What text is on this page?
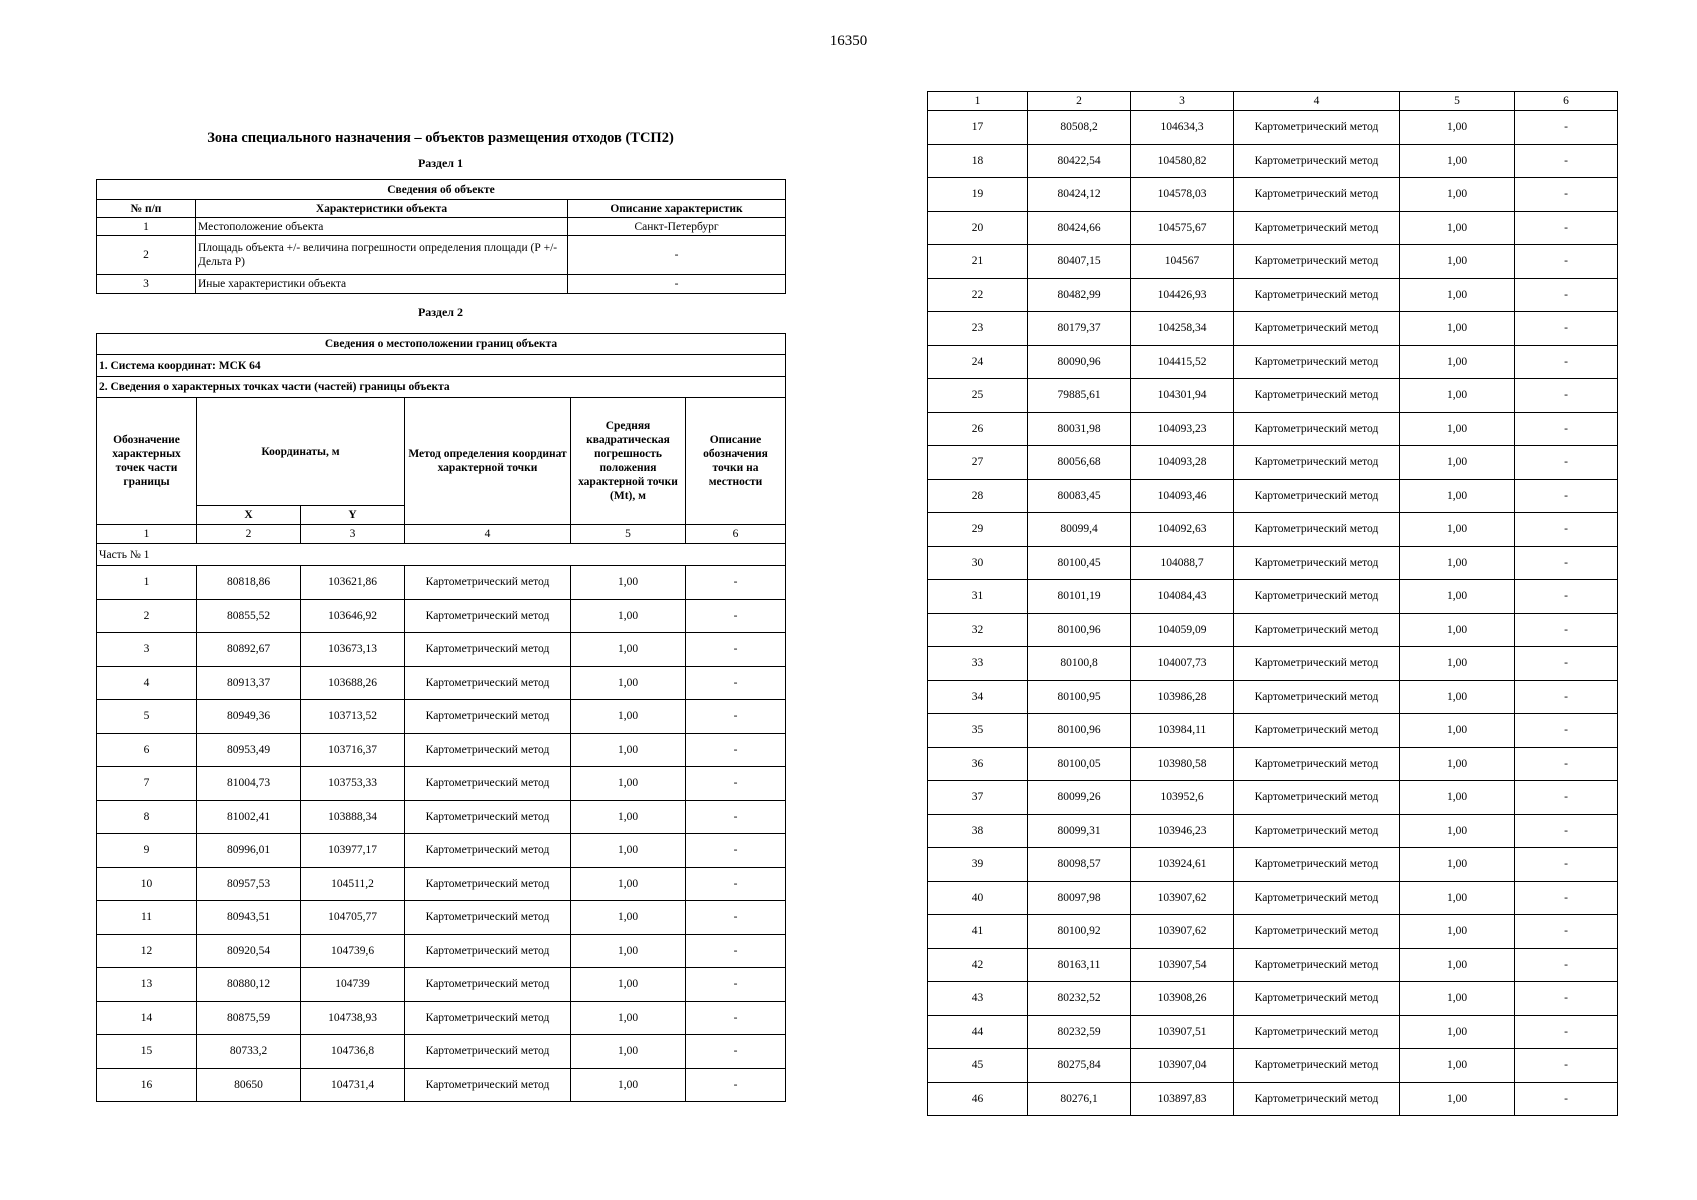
16350
Зона специального назначения – объектов размещения отходов (ТСП2)
Раздел 1
Сведения об объекте		
№ п/п	Характеристики объекта	Описание характеристик
1	Местоположение объекта	Санкт-Петербург
2	Площадь объекта +/- величина погрешности определения площади (Р +/- Дельта Р)	-
3	Иные характеристики объекта	-
Раздел 2
Сведения о местоположении границ объекта					
1. Система координат: МСК 64					
2. Сведения о характерных точках части (частей) границы объекта					
Обозначение характерных точек части границы	Координаты, м		Метод определения координат характерной точки	Средняя квадратическая погрешность положения характерной точки (Мt), м	Описание обозначения точки на местности
	X	Y			
1	2	3	4	5	6
Часть № 1					
1	80818,86	103621,86	Картометрический метод	1,00	-
2	80855,52	103646,92	Картометрический метод	1,00	-
3	80892,67	103673,13	Картометрический метод	1,00	-
4	80913,37	103688,26	Картометрический метод	1,00	-
5	80949,36	103713,52	Картометрический метод	1,00	-
6	80953,49	103716,37	Картометрический метод	1,00	-
7	81004,73	103753,33	Картометрический метод	1,00	-
8	81002,41	103888,34	Картометрический метод	1,00	-
9	80996,01	103977,17	Картометрический метод	1,00	-
10	80957,53	104511,2	Картометрический метод	1,00	-
11	80943,51	104705,77	Картометрический метод	1,00	-
12	80920,54	104739,6	Картометрический метод	1,00	-
13	80880,12	104739	Картометрический метод	1,00	-
14	80875,59	104738,93	Картометрический метод	1,00	-
15	80733,2	104736,8	Картометрический метод	1,00	-
16	80650	104731,4	Картометрический метод	1,00	-
1	2	3	4	5	6
17	80508,2	104634,3	Картометрический метод	1,00	-
18	80422,54	104580,82	Картометрический метод	1,00	-
19	80424,12	104578,03	Картометрический метод	1,00	-
20	80424,66	104575,67	Картометрический метод	1,00	-
21	80407,15	104567	Картометрический метод	1,00	-
22	80482,99	104426,93	Картометрический метод	1,00	-
23	80179,37	104258,34	Картометрический метод	1,00	-
24	80090,96	104415,52	Картометрический метод	1,00	-
25	79885,61	104301,94	Картометрический метод	1,00	-
26	80031,98	104093,23	Картометрический метод	1,00	-
27	80056,68	104093,28	Картометрический метод	1,00	-
28	80083,45	104093,46	Картометрический метод	1,00	-
29	80099,4	104092,63	Картометрический метод	1,00	-
30	80100,45	104088,7	Картометрический метод	1,00	-
31	80101,19	104084,43	Картометрический метод	1,00	-
32	80100,96	104059,09	Картометрический метод	1,00	-
33	80100,8	104007,73	Картометрический метод	1,00	-
34	80100,95	103986,28	Картометрический метод	1,00	-
35	80100,96	103984,11	Картометрический метод	1,00	-
36	80100,05	103980,58	Картометрический метод	1,00	-
37	80099,26	103952,6	Картометрический метод	1,00	-
38	80099,31	103946,23	Картометрический метод	1,00	-
39	80098,57	103924,61	Картометрический метод	1,00	-
40	80097,98	103907,62	Картометрический метод	1,00	-
41	80100,92	103907,62	Картометрический метод	1,00	-
42	80163,11	103907,54	Картометрический метод	1,00	-
43	80232,52	103908,26	Картометрический метод	1,00	-
44	80232,59	103907,51	Картометрический метод	1,00	-
45	80275,84	103907,04	Картометрический метод	1,00	-
46	80276,1	103897,83	Картометрический метод	1,00	-
